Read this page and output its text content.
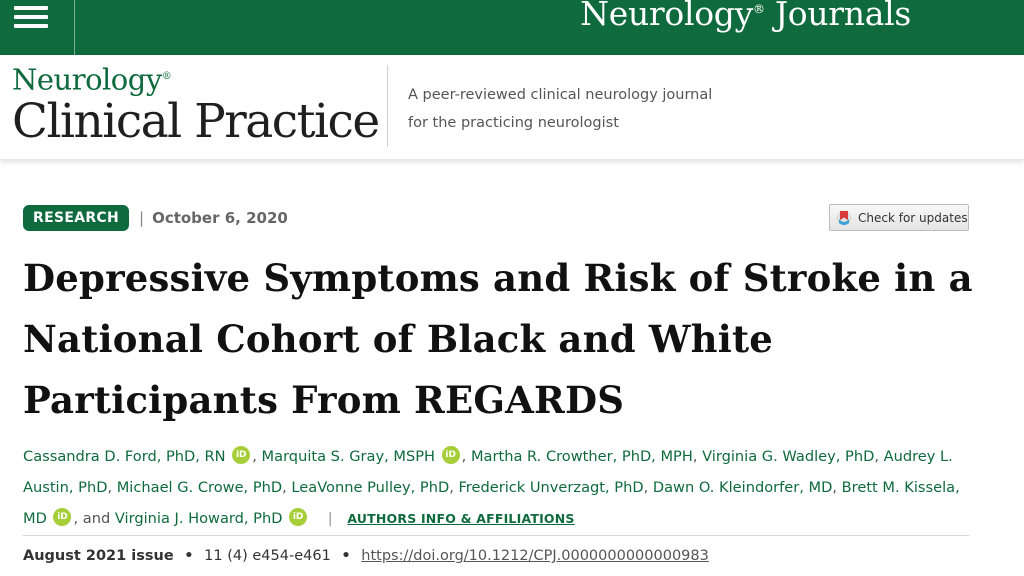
Neurology® Journals
Neurology®
Clinical Practice A peer-reviewed clinical neurology journal
for the practicing neurologist
RESEARCH	| October 6, 2020	Check for updates
Depressive Symptoms and Risk of Stroke in a National Cohort of Black and White Participants From REGARDS
Cassandra D. Ford, PhD, RN iD , Marquita S. Gray, MSPH iD , Martha R. Crowther, PhD, MPH, Virginia G. Wadley, PhD, Audrey L. Austin, PhD, Michael G. Crowe, PhD, LeaVonne Pulley, PhD, Frederick Unverzagt, PhD, Dawn O. Kleindorfer, MD, Brett M. Kissela, MD iD , and Virginia J. Howard, PhD iD | AUTHORS INFO & AFFILIATIONS
August 2021 issue • 11 (4) e454-e461 • https://doi.org/10.1212/CPJ.0000000000000983
